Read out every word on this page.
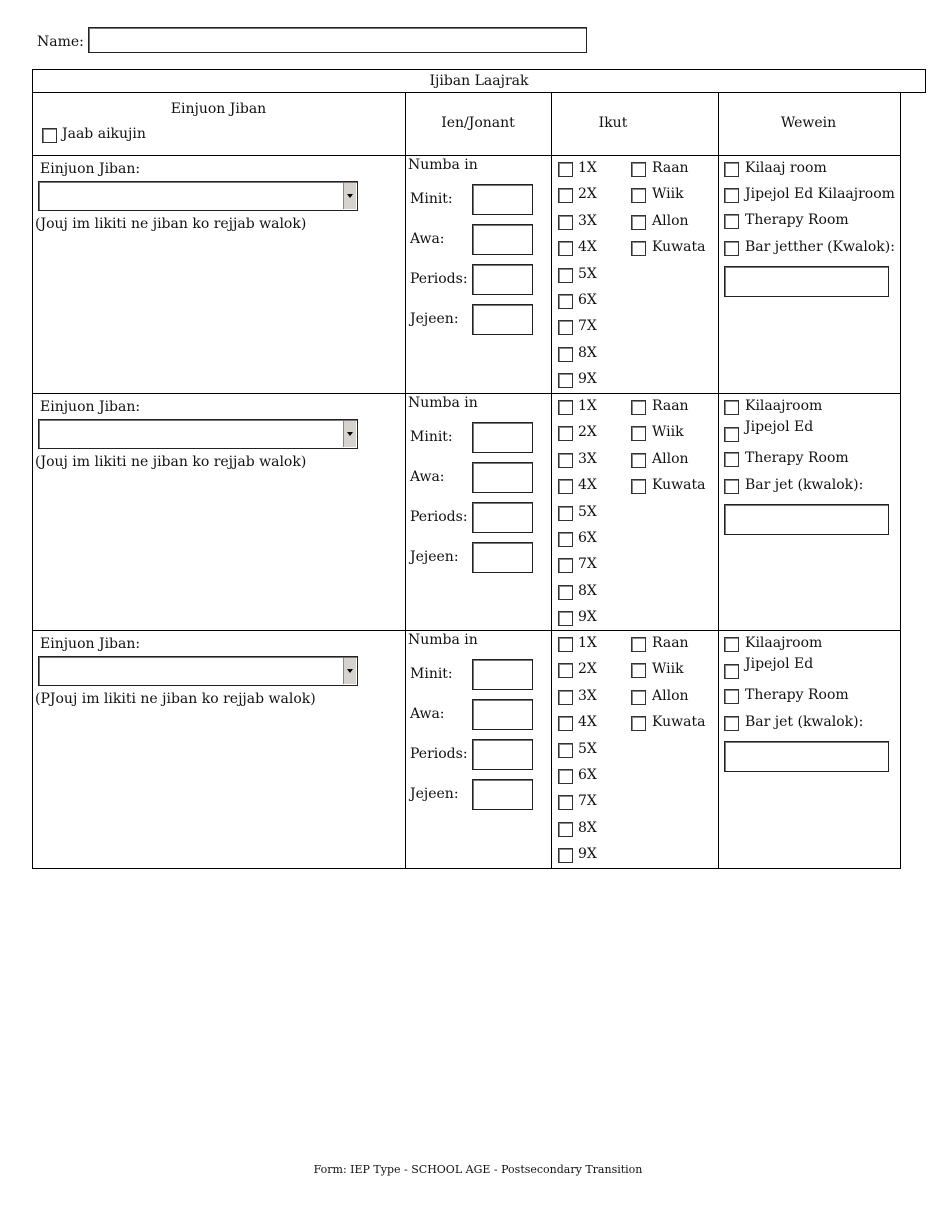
Name:
Ijiban Laajrak
Einjuon Jiban
Jaab aikujin
Ien/Jonant	Ikut	Wewein
Einjuon Jiban:
(Jouj im likiti ne jiban ko rejjab walok)
Numba in
Minit:
Awa:
Periods:
Jejeen:
1X
2X
3X
4X
5X
6X
7X
8X
9X
Raan
Wiik
Allon
Kuwata
Kilaaj room
Jipejol Ed Kilaajroom
Therapy Room
Bar jetther (Kwalok):
Einjuon Jiban:
(Jouj im likiti ne jiban ko rejjab walok)
Numba in
Minit:
Awa:
Periods:
Jejeen:
1X
2X
3X
4X
5X
6X
7X
8X
9X
Raan
Wiik
Allon
Kuwata
Kilaajroom
Jipejol Ed
Therapy Room
Bar jet (kwalok):
Einjuon Jiban:
(PJouj im likiti ne jiban ko rejjab walok)
Numba in
Minit:
Awa:
Periods:
Jejeen:
1X
2X
3X
4X
5X
6X
7X
8X
9X
Raan
Wiik
Allon
Kuwata
Kilaajroom
Jipejol Ed
Therapy Room
Bar jet (kwalok):
Form: IEP Type - SCHOOL AGE - Postsecondary Transition
